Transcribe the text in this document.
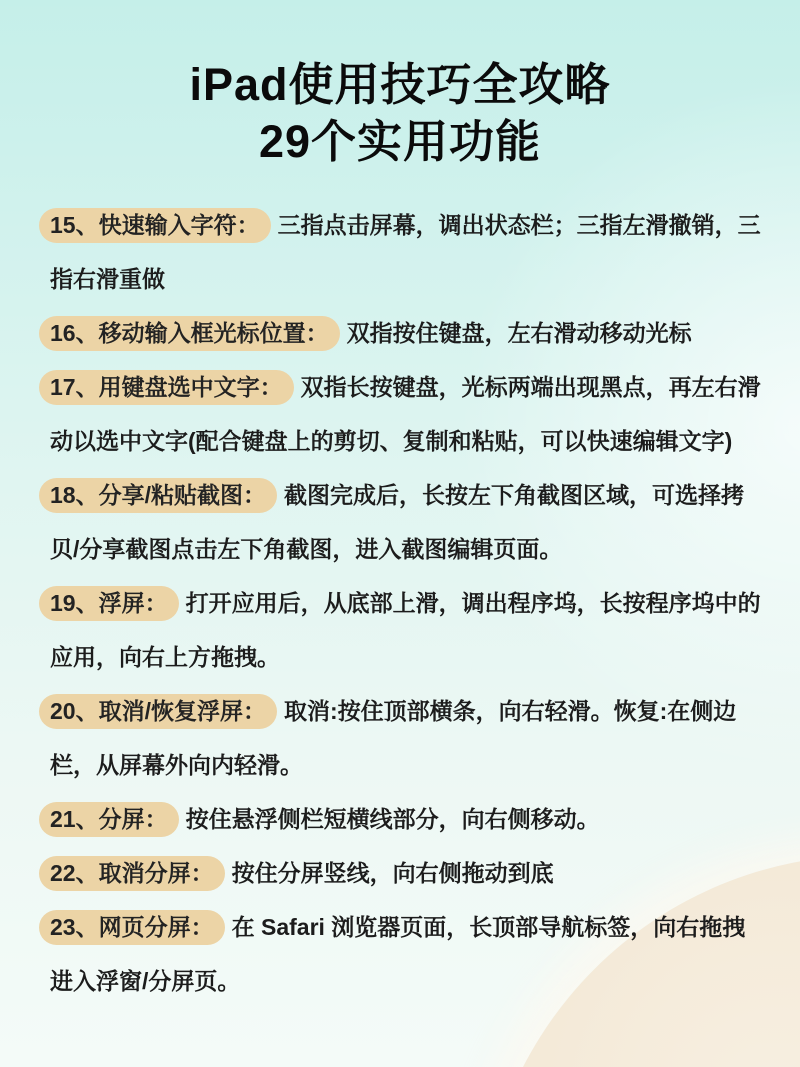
iPad使用技巧全攻略
29个实用功能

15、快速输入字符： 三指点击屏幕，调出状态栏；三指左滑撤销，三指右滑重做

16、移动输入框光标位置： 双指按住键盘，左右滑动移动光标

17、用键盘选中文字： 双指长按键盘，光标两端出现黑点，再左右滑动以选中文字(配合键盘上的剪切、复制和粘贴，可以快速编辑文字)

18、分享/粘贴截图： 截图完成后，长按左下角截图区域，可选择拷贝/分享截图点击左下角截图，进入截图编辑页面。

19、浮屏： 打开应用后，从底部上滑，调出程序坞，长按程序坞中的应用，向右上方拖拽。

20、取消/恢复浮屏： 取消:按住顶部横条，向右轻滑。恢复:在侧边栏，从屏幕外向内轻滑。

21、分屏： 按住悬浮侧栏短横线部分，向右侧移动。

22、取消分屏： 按住分屏竖线，向右侧拖动到底

23、网页分屏： 在 Safari 浏览器页面，长顶部导航标签，向右拖拽进入浮窗/分屏页。
